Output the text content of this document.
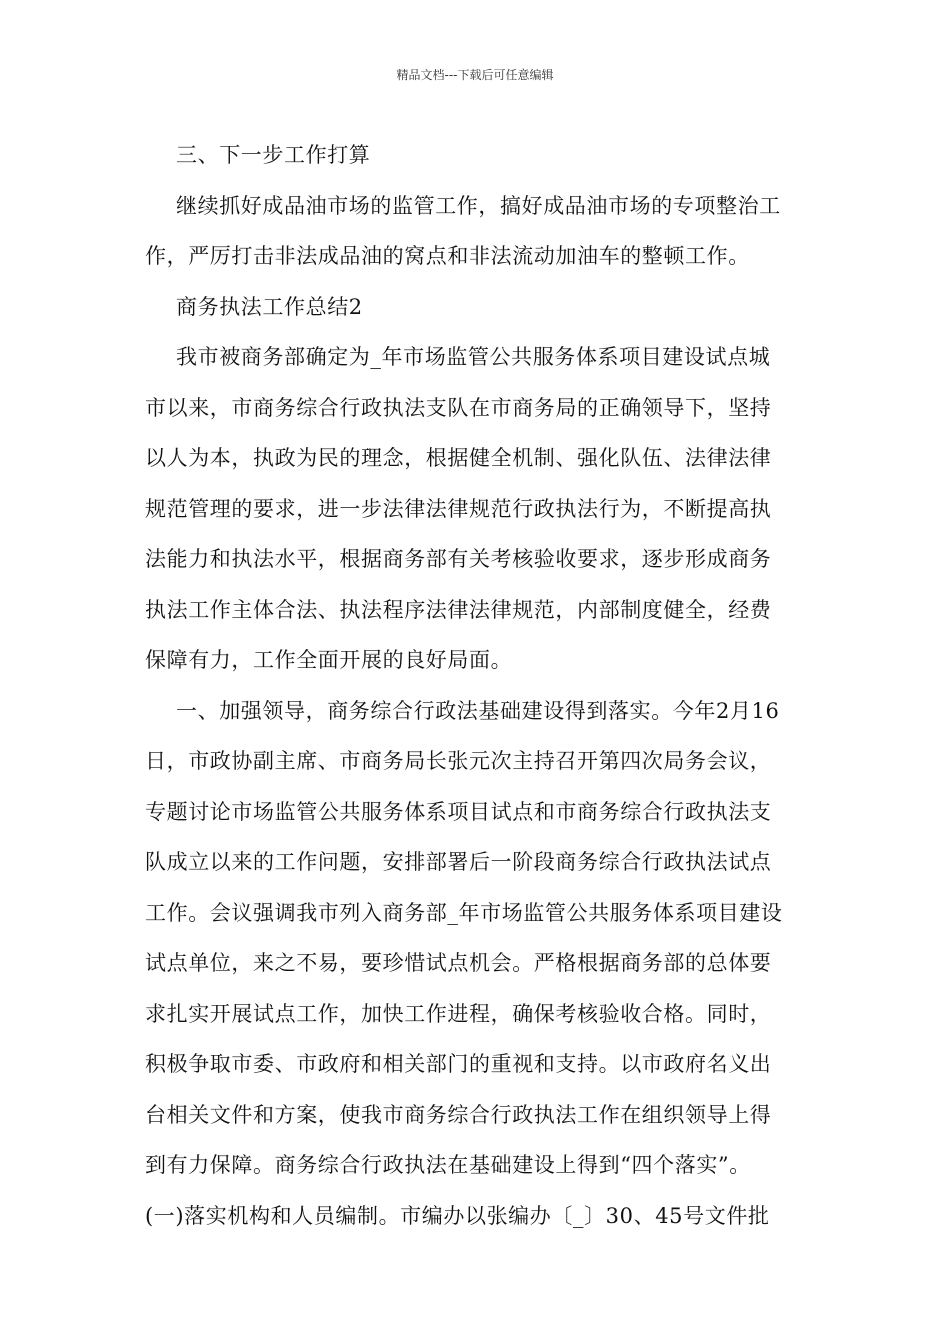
精品文档---下载后可任意编辑
三、下一步工作打算
继续抓好成品油市场的监管工作，搞好成品油市场的专项整治工
作，严厉打击非法成品油的窝点和非法流动加油车的整顿工作。
商务执法工作总结2
我市被商务部确定为_年市场监管公共服务体系项目建设试点城
市以来，市商务综合行政执法支队在市商务局的正确领导下，坚持
以人为本，执政为民的理念，根据健全机制、强化队伍、法律法律
规范管理的要求，进一步法律法律规范行政执法行为，不断提高执
法能力和执法水平，根据商务部有关考核验收要求，逐步形成商务
执法工作主体合法、执法程序法律法律规范，内部制度健全，经费
保障有力，工作全面开展的良好局面。
一、加强领导，商务综合行政法基础建设得到落实。今年2月16
日，市政协副主席、市商务局长张元次主持召开第四次局务会议，
专题讨论市场监管公共服务体系项目试点和市商务综合行政执法支
队成立以来的工作问题，安排部署后一阶段商务综合行政执法试点
工作。会议强调我市列入商务部_年市场监管公共服务体系项目建设
试点单位，来之不易，要珍惜试点机会。严格根据商务部的总体要
求扎实开展试点工作，加快工作进程，确保考核验收合格。同时，
积极争取市委、市政府和相关部门的重视和支持。以市政府名义出
台相关文件和方案，使我市商务综合行政执法工作在组织领导上得
到有力保障。商务综合行政执法在基础建设上得到“四个落实”。
(一)落实机构和人员编制。市编办以张编办〔_〕30、45号文件批
